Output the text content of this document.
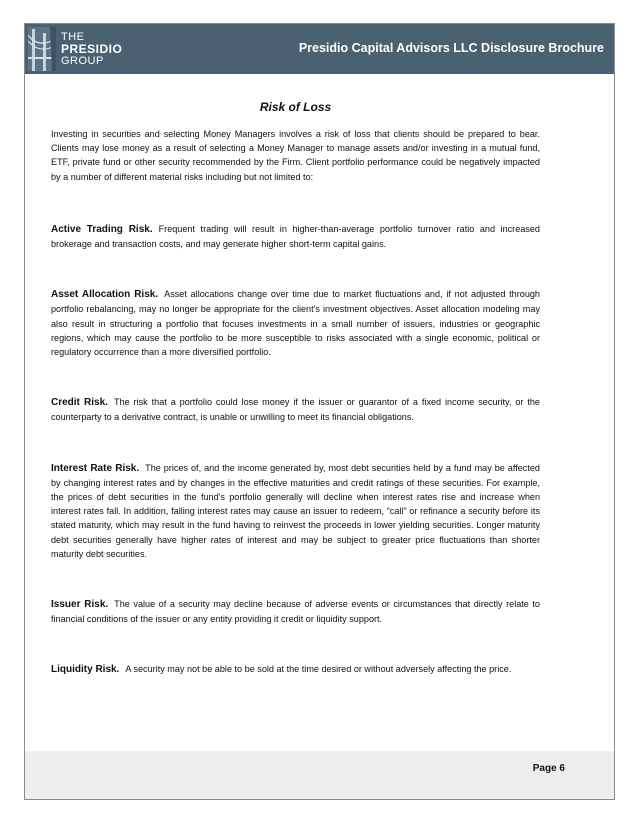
THE
PRESIDIO
GROUP
Presidio Capital Advisors LLC Disclosure Brochure
Page 6
Risk of Loss

Investing in securities and selecting Money Managers involves a risk of loss that clients should be prepared to bear. Clients may lose money as a result of selecting a Money Manager to manage assets and/or investing in a mutual fund, ETF, private fund or other security recommended by the Firm. Client portfolio performance could be negatively impacted by a number of different material risks including but not limited to:

Active Trading Risk. Frequent trading will result in higher-than-average portfolio turnover ratio and increased brokerage and transaction costs, and may generate higher short-term capital gains.

Asset Allocation Risk. Asset allocations change over time due to market fluctuations and, if not adjusted through portfolio rebalancing, may no longer be appropriate for the client's investment objectives. Asset allocation modeling may also result in structuring a portfolio that focuses investments in a small number of issuers, industries or geographic regions, which may cause the portfolio to be more susceptible to risks associated with a single economic, political or regulatory occurrence than a more diversified portfolio.

Credit Risk. The risk that a portfolio could lose money if the issuer or guarantor of a fixed income security, or the counterparty to a derivative contract, is unable or unwilling to meet its financial obligations.

Interest Rate Risk. The prices of, and the income generated by, most debt securities held by a fund may be affected by changing interest rates and by changes in the effective maturities and credit ratings of these securities. For example, the prices of debt securities in the fund's portfolio generally will decline when interest rates rise and increase when interest rates fall. In addition, falling interest rates may cause an issuer to redeem, “call” or refinance a security before its stated maturity, which may result in the fund having to reinvest the proceeds in lower yielding securities. Longer maturity debt securities generally have higher rates of interest and may be subject to greater price fluctuations than shorter maturity debt securities.

Issuer Risk. The value of a security may decline because of adverse events or circumstances that directly relate to financial conditions of the issuer or any entity providing it credit or liquidity support.

Liquidity Risk. A security may not be able to be sold at the time desired or without adversely affecting the price.
